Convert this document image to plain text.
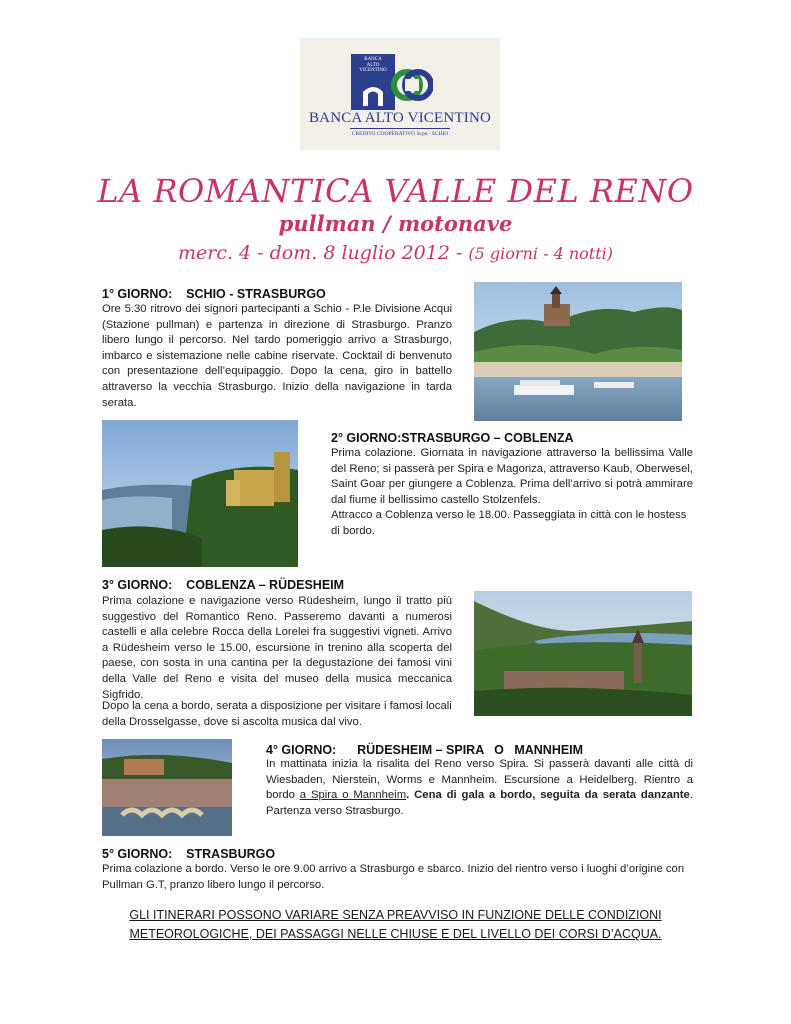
BANCA
ALTO VICENTINO
BANCA ALTO VICENTINO
CREDITO COOPERATIVO Scpa - SCHIO
LA ROMANTICA VALLE DEL RENO
pullman / motonave
merc. 4 - dom. 8 luglio 2012 - (5 giorni - 4 notti)
1° GIORNO:    SCHIO - STRASBURGO
Ore 5.30 ritrovo dei signori partecipanti a Schio - P.le Divisione Acqui (Stazione pullman) e partenza in direzione di Strasburgo. Pranzo libero lungo il percorso. Nel tardo pomeriggio arrivo a Strasburgo, imbarco e sistemazione nelle cabine riservate. Cocktail di benvenuto con presentazione dell’equipaggio. Dopo la cena, giro in battello attraverso la vecchia Strasburgo. Inizio della navigazione in tarda serata.
2° GIORNO:STRASBURGO – COBLENZA
Prima colazione. Giornata in navigazione attraverso la bellissima Valle del Reno; si passerà per Spira e Magonza, attraverso Kaub, Oberwesel, Saint Goar per giungere a Coblenza. Prima dell’arrivo si potrà ammirare dal fiume il bellissimo castello Stolzenfels.
Attracco a Coblenza verso le 18.00. Passeggiata in città con le hostess di bordo.
3° GIORNO:    COBLENZA – RÜDESHEIM
Prima colazione e navigazione verso Rüdesheim, lungo il tratto più suggestivo del Romantico Reno. Passeremo davanti a numerosi castelli e alla celebre Rocca della Lorelei fra suggestivi vigneti. Arrivo a Rüdesheim verso le 15.00, escursione in trenino alla scoperta del paese, con sosta in una cantina per la degustazione dei famosi vini della Valle del Reno e visita del museo della musica meccanica Sigfrido.
Dopo la cena a bordo, serata a disposizione per visitare i famosi locali della Drosselgasse, dove si ascolta musica dal vivo.
4° GIORNO:      RÜDESHEIM – SPIRA   O   MANNHEIM
In mattinata inizia la risalita del Reno verso Spira. Si passerà davanti alle città di Wiesbaden, Nierstein, Worms e Mannheim. Escursione a Heidelberg. Rientro a bordo a Spira o Mannheim. Cena di gala a bordo, seguita da serata danzante. Partenza verso Strasburgo.
5° GIORNO:    STRASBURGO
Prima colazione a bordo. Verso le ore 9.00 arrivo a Strasburgo e sbarco. Inizio del rientro verso i luoghi d’origine con Pullman G.T, pranzo libero lungo il percorso.
GLI ITINERARI POSSONO VARIARE SENZA PREAVVISO IN FUNZIONE DELLE CONDIZIONI
METEOROLOGICHE, DEI PASSAGGI NELLE CHIUSE E DEL LIVELLO DEI CORSI D’ACQUA.
